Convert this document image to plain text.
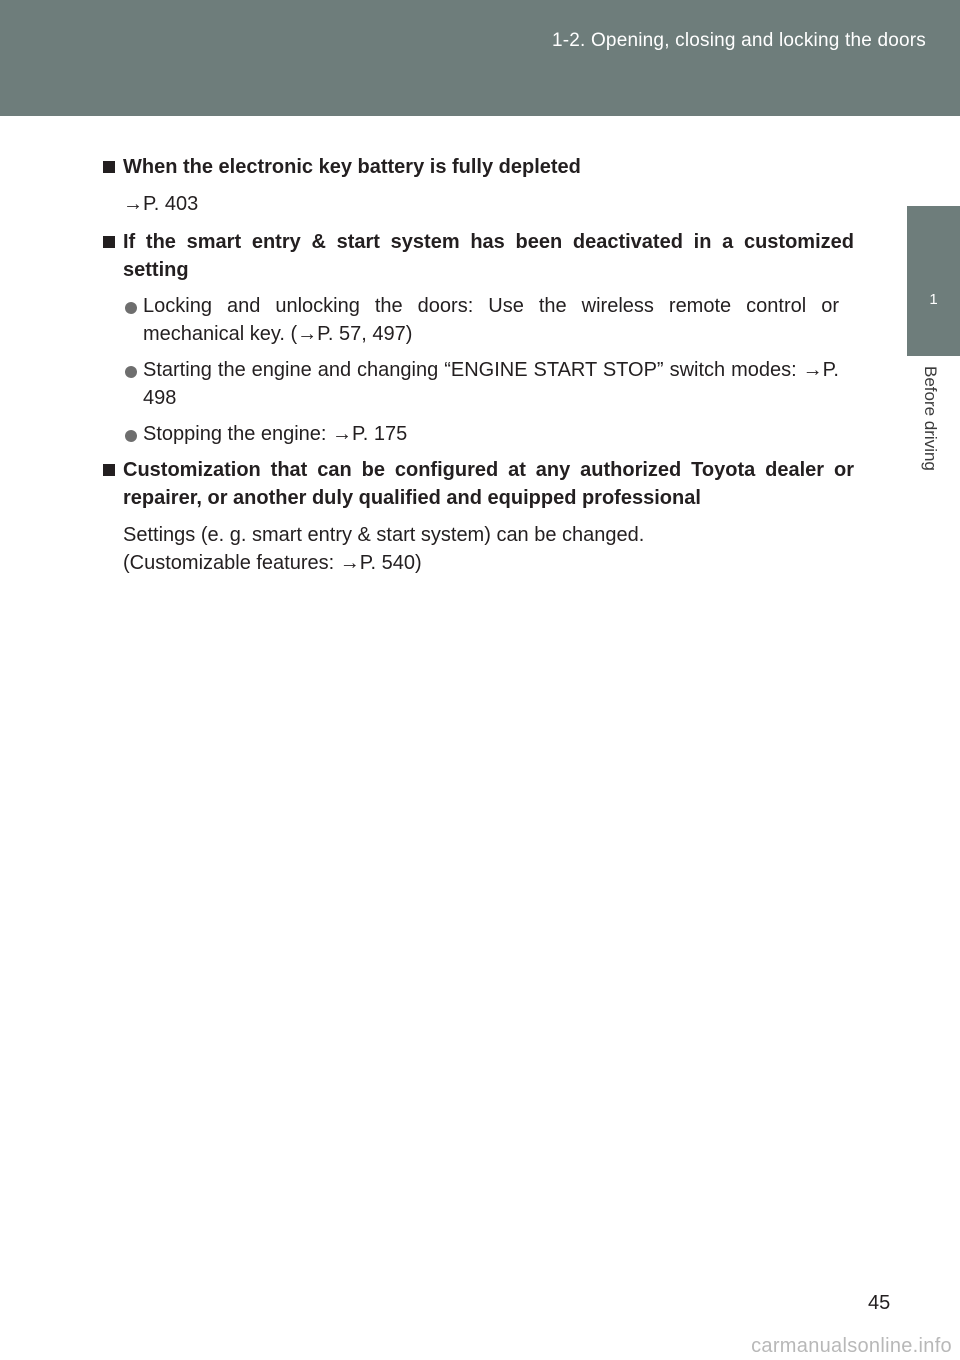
1-2. Opening, closing and locking the doors
1
Before driving

When the electronic key battery is fully depleted

→P. 403

If the smart entry & start system has been deactivated in a customized setting

Locking and unlocking the doors: Use the wireless remote control or mechanical key. (→P. 57, 497)
Starting the engine and changing “ENGINE START STOP” switch modes: →P. 498
Stopping the engine: →P. 175

Customization that can be configured at any authorized Toyota dealer or repairer, or another duly qualified and equipped professional

Settings (e. g. smart entry & start system) can be changed.
(Customizable features: →P. 540)

45
carmanualsonline.info
